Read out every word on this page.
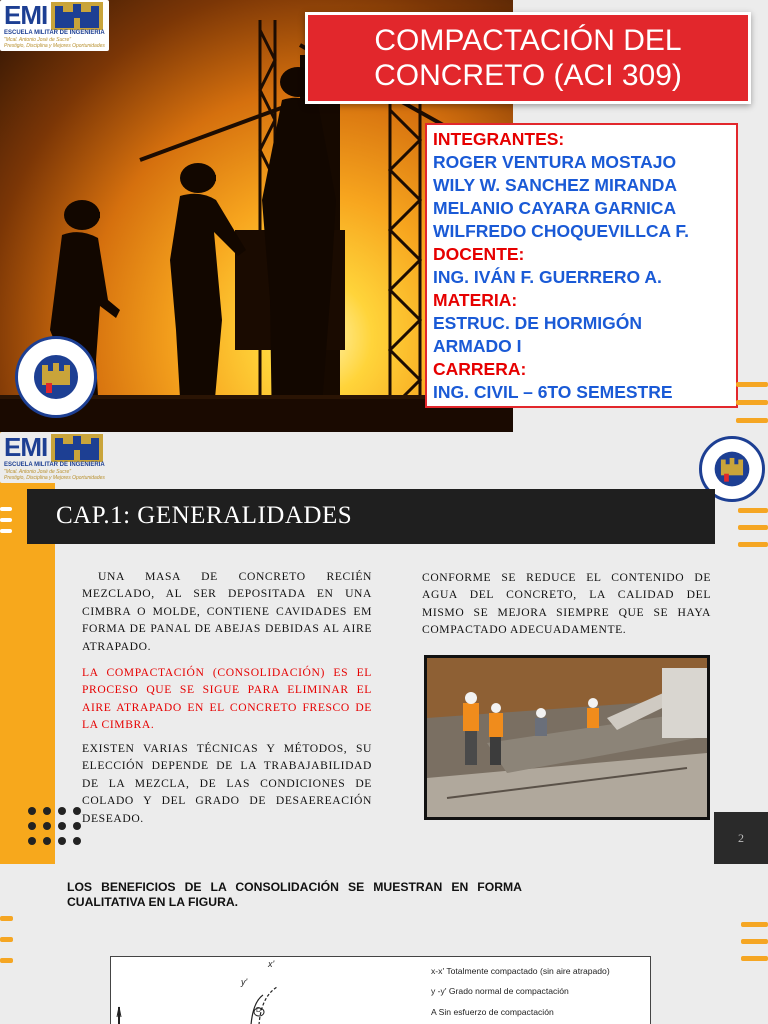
EMI
ESCUELA MILITAR DE INGENIERIA
"Mcal. Antonio José de Sucre"
Prestigio, Disciplina y Mejores Oportunidades	COMPACTACIÓN DEL
CONCRETO (ACI 309)
INTEGRANTES:
ROGER VENTURA MOSTAJO
WILY W. SANCHEZ MIRANDA
MELANIO CAYARA GARNICA
WILFREDO CHOQUEVILLCA F.
DOCENTE:
ING. IVÁN F. GUERRERO A.
MATERIA:
ESTRUC. DE HORMIGÓN
ARMADO I
CARRERA:
ING. CIVIL – 6TO SEMESTRE
EMI
ESCUELA MILITAR DE INGENIERIA
"Mcal. Antonio José de Sucre"
Prestigio, Disciplina y Mejores Oportunidades
CAP.1: GENERALIDADES
UNA MASA DE CONCRETO RECIÉN MEZCLADO, AL SER DEPOSITADA EN UNA CIMBRA O MOLDE, CONTIENE CAVIDADES EM FORMA DE PANAL DE ABEJAS DEBIDAS AL AIRE ATRAPADO.
LA COMPACTACIÓN (CONSOLIDACIÓN) ES EL PROCESO QUE SE SIGUE PARA ELIMINAR EL AIRE ATRAPADO EN EL CONCRETO FRESCO DE LA CIMBRA.
EXISTEN VARIAS TÉCNICAS Y MÉTODOS, SU ELECCIÓN DEPENDE DE LA TRABAJABILIDAD DE LA MEZCLA, DE LAS CONDICIONES DE COLADO Y DEL GRADO DE DESAEREACIÓN DESEADO.
CONFORME SE REDUCE EL CONTENIDO DE AGUA DEL CONCRETO, LA CALIDAD DEL MISMO SE MEJORA SIEMPRE QUE SE HAYA COMPACTADO ADECUADAMENTE.
2
LOS BENEFICIOS DE LA CONSOLIDACIÓN SE MUESTRAN EN FORMA CUALITATIVA EN LA FIGURA.
x'
y'
D
x-x' Totalmente compactado (sin aire atrapado)
y -y' Grado normal de compactación
A Sin esfuerzo de compactación
